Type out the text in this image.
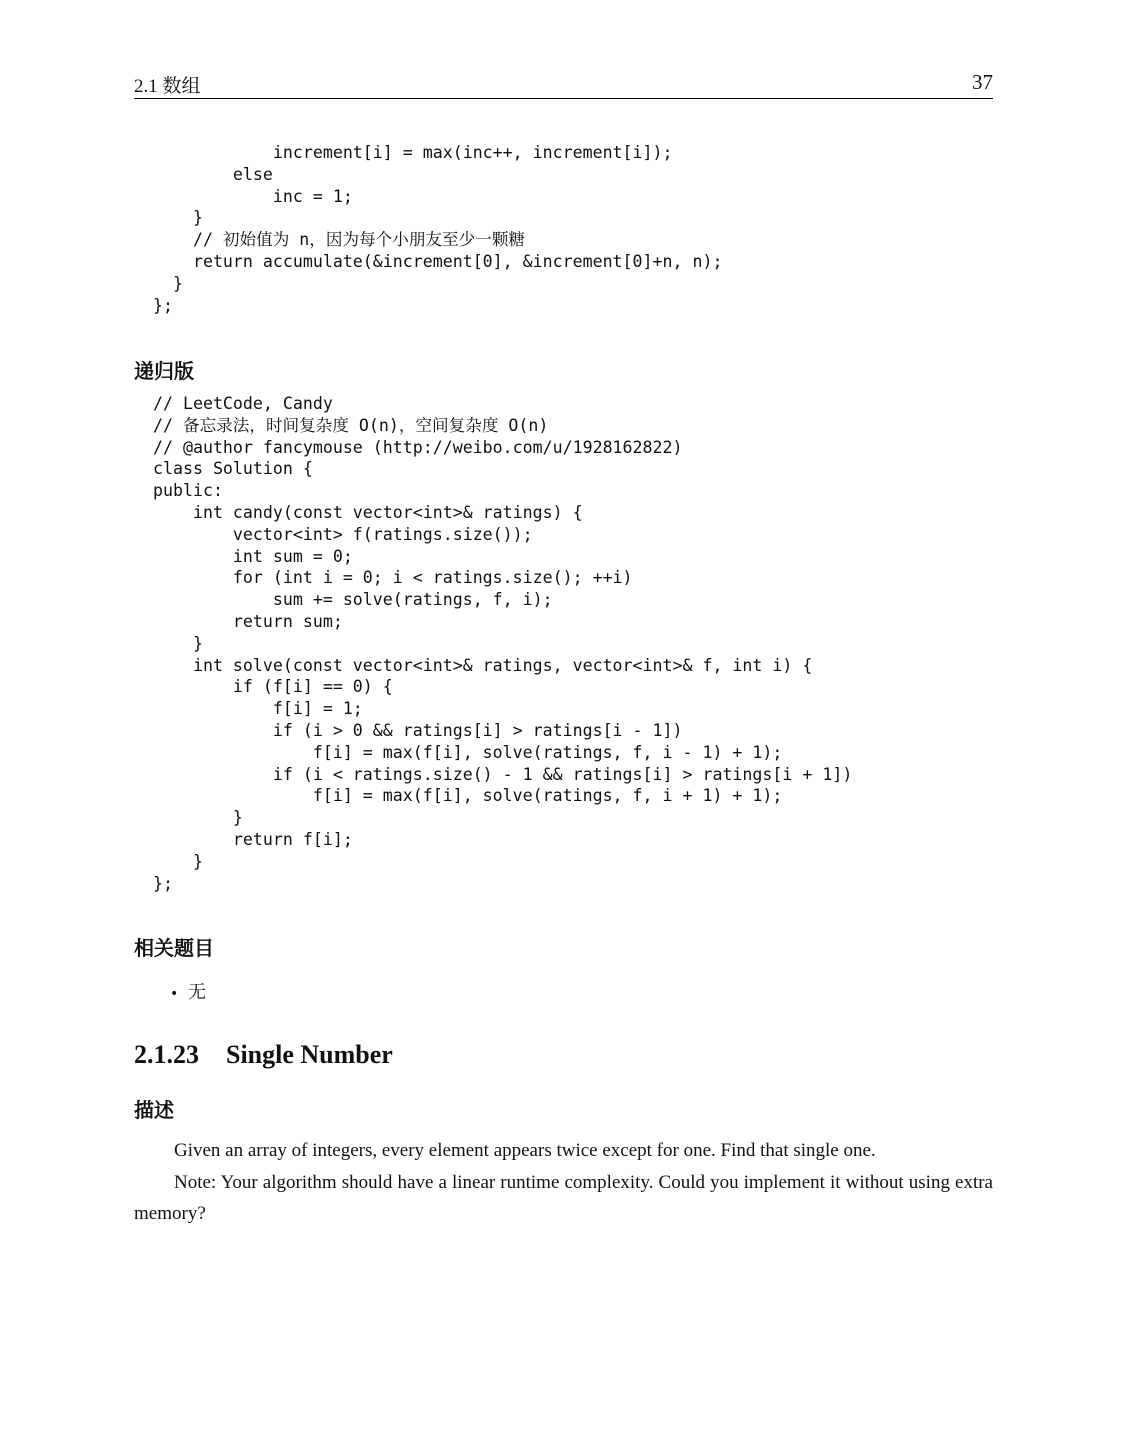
2.1 数组	37
increment[i] = max(inc++, increment[i]);
else
inc = 1;
}
// 初始值为 n，因为每个小朋友至少一颗糖
return accumulate(&increment[0], &increment[0]+n, n);
}
};
递归版
// LeetCode, Candy
// 备忘录法，时间复杂度 O(n)，空间复杂度 O(n)
// @author fancymouse (http://weibo.com/u/1928162822)
class Solution {
public:
int candy(const vector<int>& ratings) {
vector<int> f(ratings.size());
int sum = 0;
for (int i = 0; i < ratings.size(); ++i)
sum += solve(ratings, f, i);
return sum;
}
int solve(const vector<int>& ratings, vector<int>& f, int i) {
if (f[i] == 0) {
f[i] = 1;
if (i > 0 && ratings[i] > ratings[i - 1])
f[i] = max(f[i], solve(ratings, f, i - 1) + 1);
if (i < ratings.size() - 1 && ratings[i] > ratings[i + 1])
f[i] = max(f[i], solve(ratings, f, i + 1) + 1);
}
return f[i];
}
};
相关题目
• 无
2.1.23 Single Number
描述

Given an array of integers, every element appears twice except for one. Find that single one.

Note: Your algorithm should have a linear runtime complexity. Could you implement it without using extra memory?
